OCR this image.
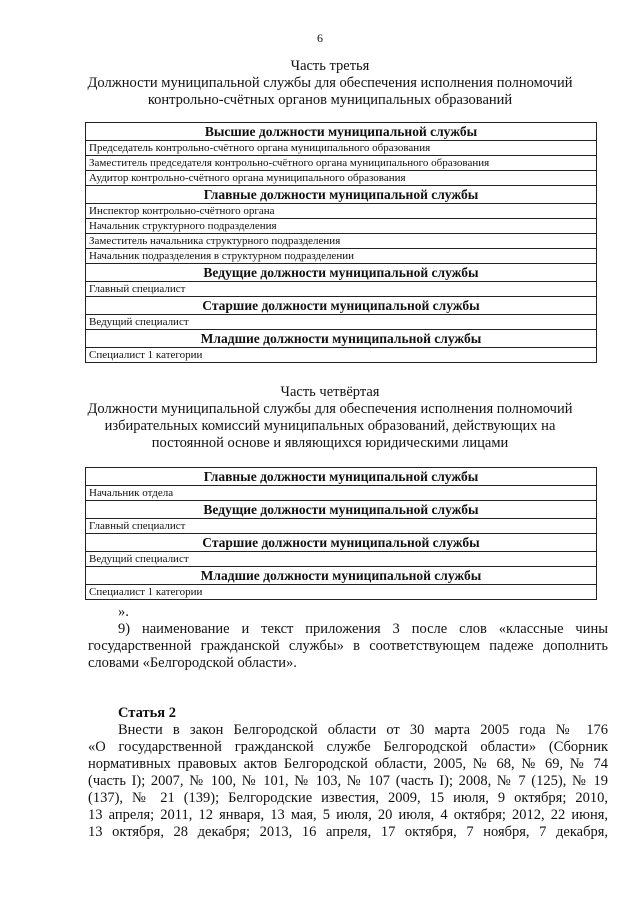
6
Часть третья
Должности муниципальной службы для обеспечения исполнения полномочий
контрольно-счётных органов муниципальных образований
Высшие должности муниципальной службы
Председатель контрольно-счётного органа муниципального образования
Заместитель председателя контрольно-счётного органа муниципального образования
Аудитор контрольно-счётного органа муниципального образования
Главные должности муниципальной службы
Инспектор контрольно-счётного органа
Начальник структурного подразделения
Заместитель начальника структурного подразделения
Начальник подразделения в структурном подразделении
Ведущие должности муниципальной службы
Главный специалист
Старшие должности муниципальной службы
Ведущий специалист
Младшие должности муниципальной службы
Специалист 1 категории
Часть четвёртая
Должности муниципальной службы для обеспечения исполнения полномочий
избирательных комиссий муниципальных образований, действующих на
постоянной основе и являющихся юридическими лицами
Главные должности муниципальной службы
Начальник отдела
Ведущие должности муниципальной службы
Главный специалист
Старшие должности муниципальной службы
Ведущий специалист
Младшие должности муниципальной службы
Специалист 1 категории
».
9) наименование и текст приложения 3 после слов «классные чины
государственной гражданской службы» в соответствующем падеже дополнить
словами «Белгородской области».
Статья 2
Внести в закон Белгородской области от 30 марта 2005 года № 176
«О государственной гражданской службе Белгородской области» (Сборник
нормативных правовых актов Белгородской области, 2005, № 68, № 69, № 74
(часть I); 2007, № 100, № 101, № 103, № 107 (часть I); 2008, № 7 (125), № 19
(137), № 21 (139); Белгородские известия, 2009, 15 июля, 9 октября; 2010,
13 апреля; 2011, 12 января, 13 мая, 5 июля, 20 июля, 4 октября; 2012, 22 июня,
13 октября, 28 декабря; 2013, 16 апреля, 17 октября, 7 ноября, 7 декабря,
